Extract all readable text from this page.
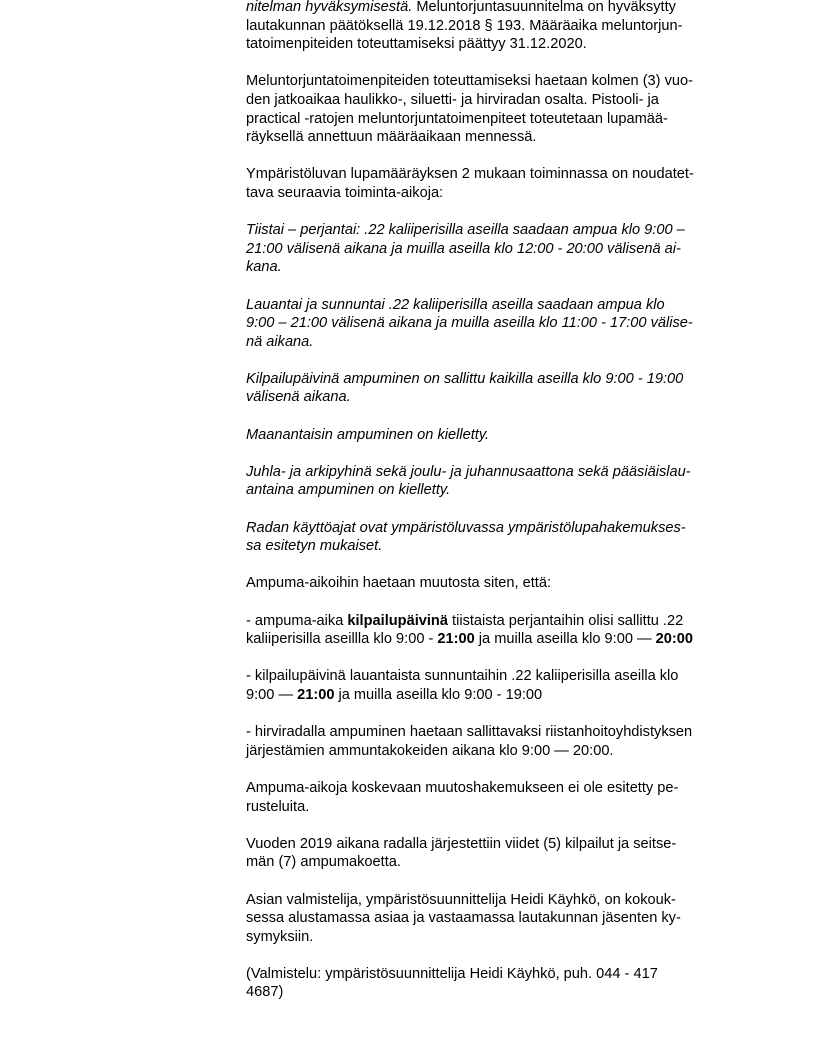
nitelman hyväksymisestä. Meluntorjuntasuunnitelma on hyväksytty
lautakunnan päätöksellä 19.12.2018 § 193. Määräaika meluntorjun-
tatoimenpiteiden toteuttamiseksi päättyy 31.12.2020.

Meluntorjuntatoimenpiteiden toteuttamiseksi haetaan kolmen (3) vuo-
den jatkoaikaa haulikko-, siluetti- ja hirviradan osalta. Pistooli- ja
practical -ratojen meluntorjuntatoimenpiteet toteutetaan lupamää-
räyksellä annettuun määräaikaan mennessä.

Ympäristöluvan lupamääräyksen 2 mukaan toiminnassa on noudatet-
tava seuraavia toiminta-aikoja:

Tiistai – perjantai: .22 kaliiperisilla aseilla saadaan ampua klo 9:00 –
21:00 välisenä aikana ja muilla aseilla klo 12:00 - 20:00 välisenä ai-
kana.

Lauantai ja sunnuntai .22 kaliiperisilla aseilla saadaan ampua klo
9:00 – 21:00 välisenä aikana ja muilla aseilla klo 11:00 - 17:00 välise-
nä aikana.

Kilpailupäivinä ampuminen on sallittu kaikilla aseilla klo 9:00 - 19:00
välisenä aikana.

Maanantaisin ampuminen on kielletty.

Juhla- ja arkipyhinä sekä joulu- ja juhannusaattona sekä pääsiäislau-
antaina ampuminen on kielletty.

Radan käyttöajat ovat ympäristöluvassa ympäristölupahakemukses-
sa esitetyn mukaiset.

Ampuma-aikoihin haetaan muutosta siten, että:

- ampuma-aika kilpailupäivinä tiistaista perjantaihin olisi sallittu .22
kaliiperisilla aseillla klo 9:00 - 21:00 ja muilla aseilla klo 9:00 — 20:00

- kilpailupäivinä lauantaista sunnuntaihin .22 kaliiperisilla aseilla klo
9:00 — 21:00 ja muilla aseilla klo 9:00 - 19:00

- hirviradalla ampuminen haetaan sallittavaksi riistanhoitoyhdistyksen
järjestämien ammuntakokeiden aikana klo 9:00 — 20:00.

Ampuma-aikoja koskevaan muutoshakemukseen ei ole esitetty pe-
rusteluita.

Vuoden 2019 aikana radalla järjestettiin viidet (5) kilpailut ja seitse-
män (7) ampumakoetta.

Asian valmistelija, ympäristösuunnittelija Heidi Käyhkö, on kokouk-
sessa alustamassa asiaa ja vastaamassa lautakunnan jäsenten ky-
symyksiin.

(Valmistelu: ympäristösuunnittelija Heidi Käyhkö, puh. 044 - 417
4687)
